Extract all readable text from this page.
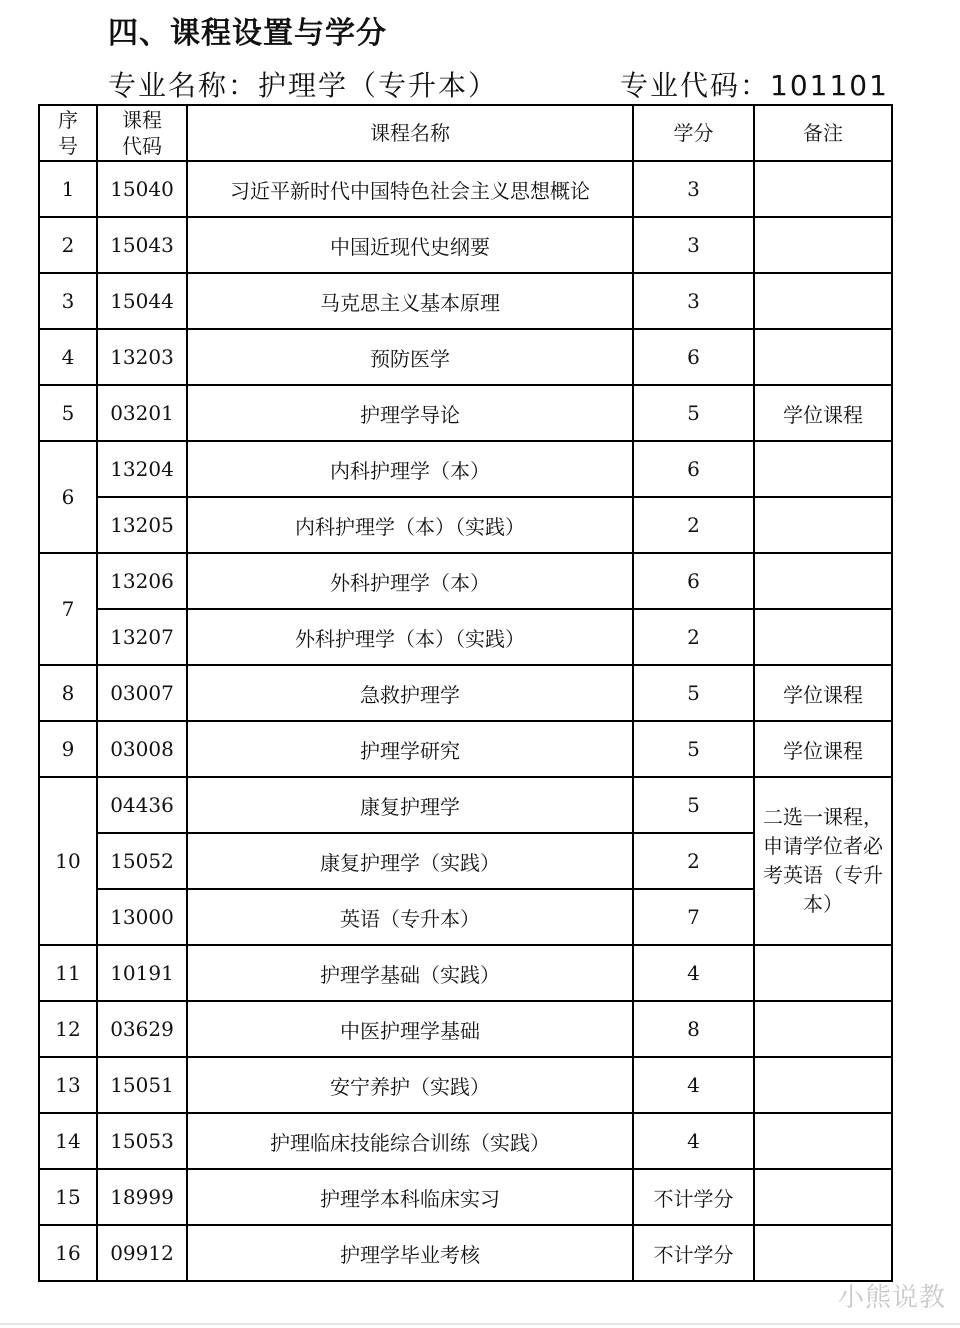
四、课程设置与学分
专业名称：护理学（专升本）	专业代码：101101
序号	课程代码	课程名称	学分	备注
1	15040	习近平新时代中国特色社会主义思想概论	3	
2	15043	中国近现代史纲要	3	
3	15044	马克思主义基本原理	3	
4	13203	预防医学	6	
5	03201	护理学导论	5	学位课程
6	13204	内科护理学（本）	6	
	13205	内科护理学（本）（实践）	2	
7	13206	外科护理学（本）	6	
	13207	外科护理学（本）（实践）	2	
8	03007	急救护理学	5	学位课程
9	03008	护理学研究	5	学位课程
10	04436	康复护理学	5	二选一课程，申请学位者必考英语（专升本）
	15052	康复护理学（实践）	2	
	13000	英语（专升本）	7	
11	10191	护理学基础（实践）	4	
12	03629	中医护理学基础	8	
13	15051	安宁养护（实践）	4	
14	15053	护理临床技能综合训练（实践）	4	
15	18999	护理学本科临床实习	不计学分	
16	09912	护理学毕业考核	不计学分	
小熊说教
